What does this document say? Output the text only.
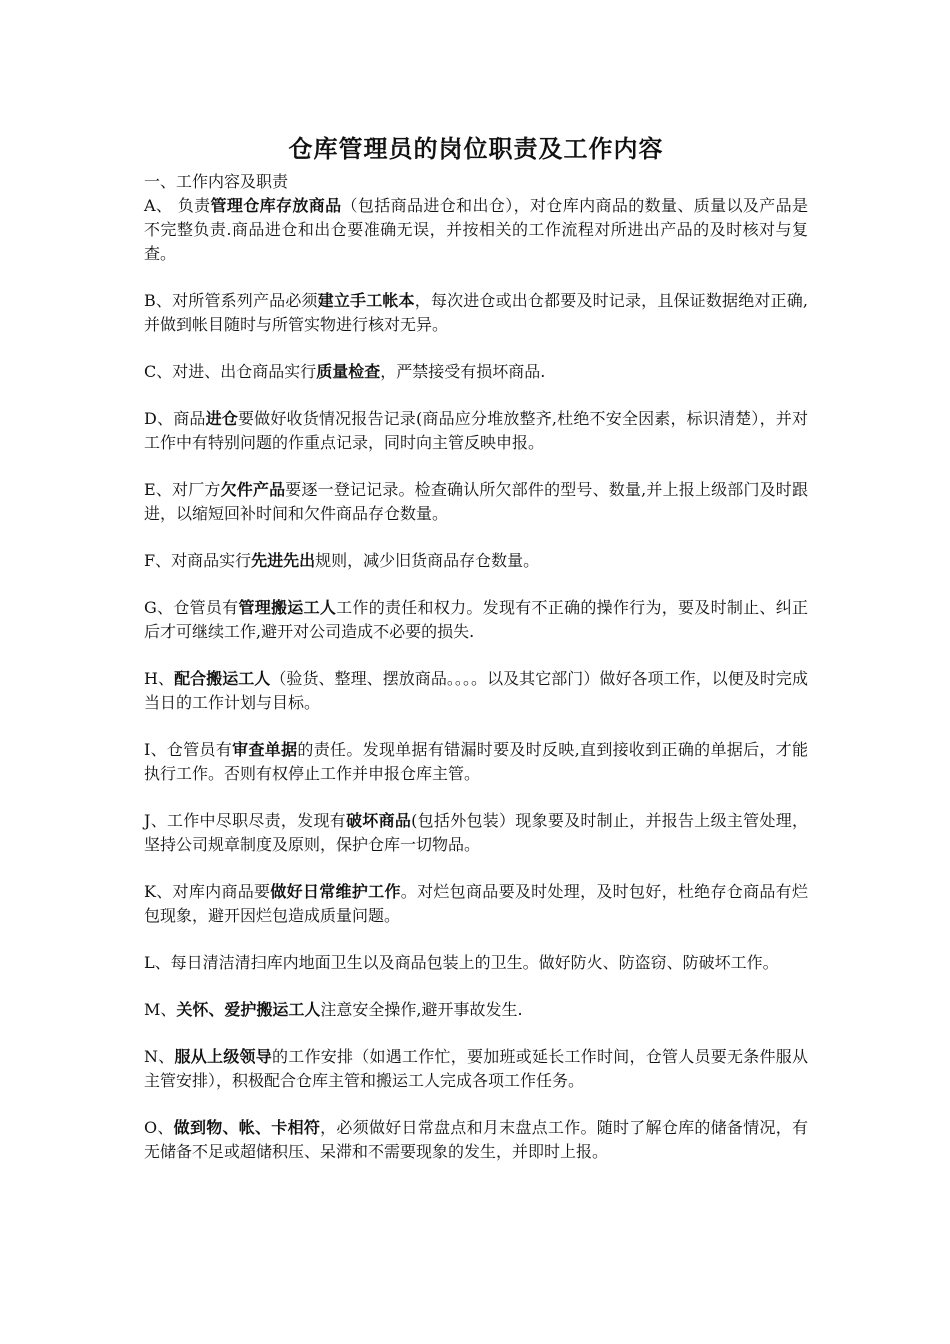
仓库管理员的岗位职责及工作内容
一、工作内容及职责

A、 负责管理仓库存放商品（包括商品进仓和出仓），对仓库内商品的数量、质量以及产品是不完整负责.商品进仓和出仓要准确无误，并按相关的工作流程对所进出产品的及时核对与复查。

B、对所管系列产品必须建立手工帐本，每次进仓或出仓都要及时记录，且保证数据绝对正确,并做到帐目随时与所管实物进行核对无异。

C、对进、出仓商品实行质量检查，严禁接受有损坏商品.

D、商品进仓要做好收货情况报告记录(商品应分堆放整齐,杜绝不安全因素，标识清楚），并对工作中有特别问题的作重点记录，同时向主管反映申报。

E、对厂方欠件产品要逐一登记记录。检查确认所欠部件的型号、数量,并上报上级部门及时跟进，以缩短回补时间和欠件商品存仓数量。

F、对商品实行先进先出规则，减少旧货商品存仓数量。

G、仓管员有管理搬运工人工作的责任和权力。发现有不正确的操作行为，要及时制止、纠正后才可继续工作,避开对公司造成不必要的损失.

H、配合搬运工人（验货、整理、摆放商品。。。。以及其它部门）做好各项工作，以便及时完成当日的工作计划与目标。

I、仓管员有审查单据的责任。发现单据有错漏时要及时反映,直到接收到正确的单据后，才能执行工作。否则有权停止工作并申报仓库主管。

J、工作中尽职尽责，发现有破坏商品(包括外包装）现象要及时制止，并报告上级主管处理，坚持公司规章制度及原则，保护仓库一切物品。

K、对库内商品要做好日常维护工作。对烂包商品要及时处理，及时包好，杜绝存仓商品有烂包现象，避开因烂包造成质量问题。

L、每日清洁清扫库内地面卫生以及商品包装上的卫生。做好防火、防盗窃、防破坏工作。

M、关怀、爱护搬运工人注意安全操作,避开事故发生.

N、服从上级领导的工作安排（如遇工作忙，要加班或延长工作时间，仓管人员要无条件服从主管安排），积极配合仓库主管和搬运工人完成各项工作任务。

O、做到物、帐、卡相符，必须做好日常盘点和月末盘点工作。随时了解仓库的储备情况，有无储备不足或超储积压、呆滞和不需要现象的发生，并即时上报。
